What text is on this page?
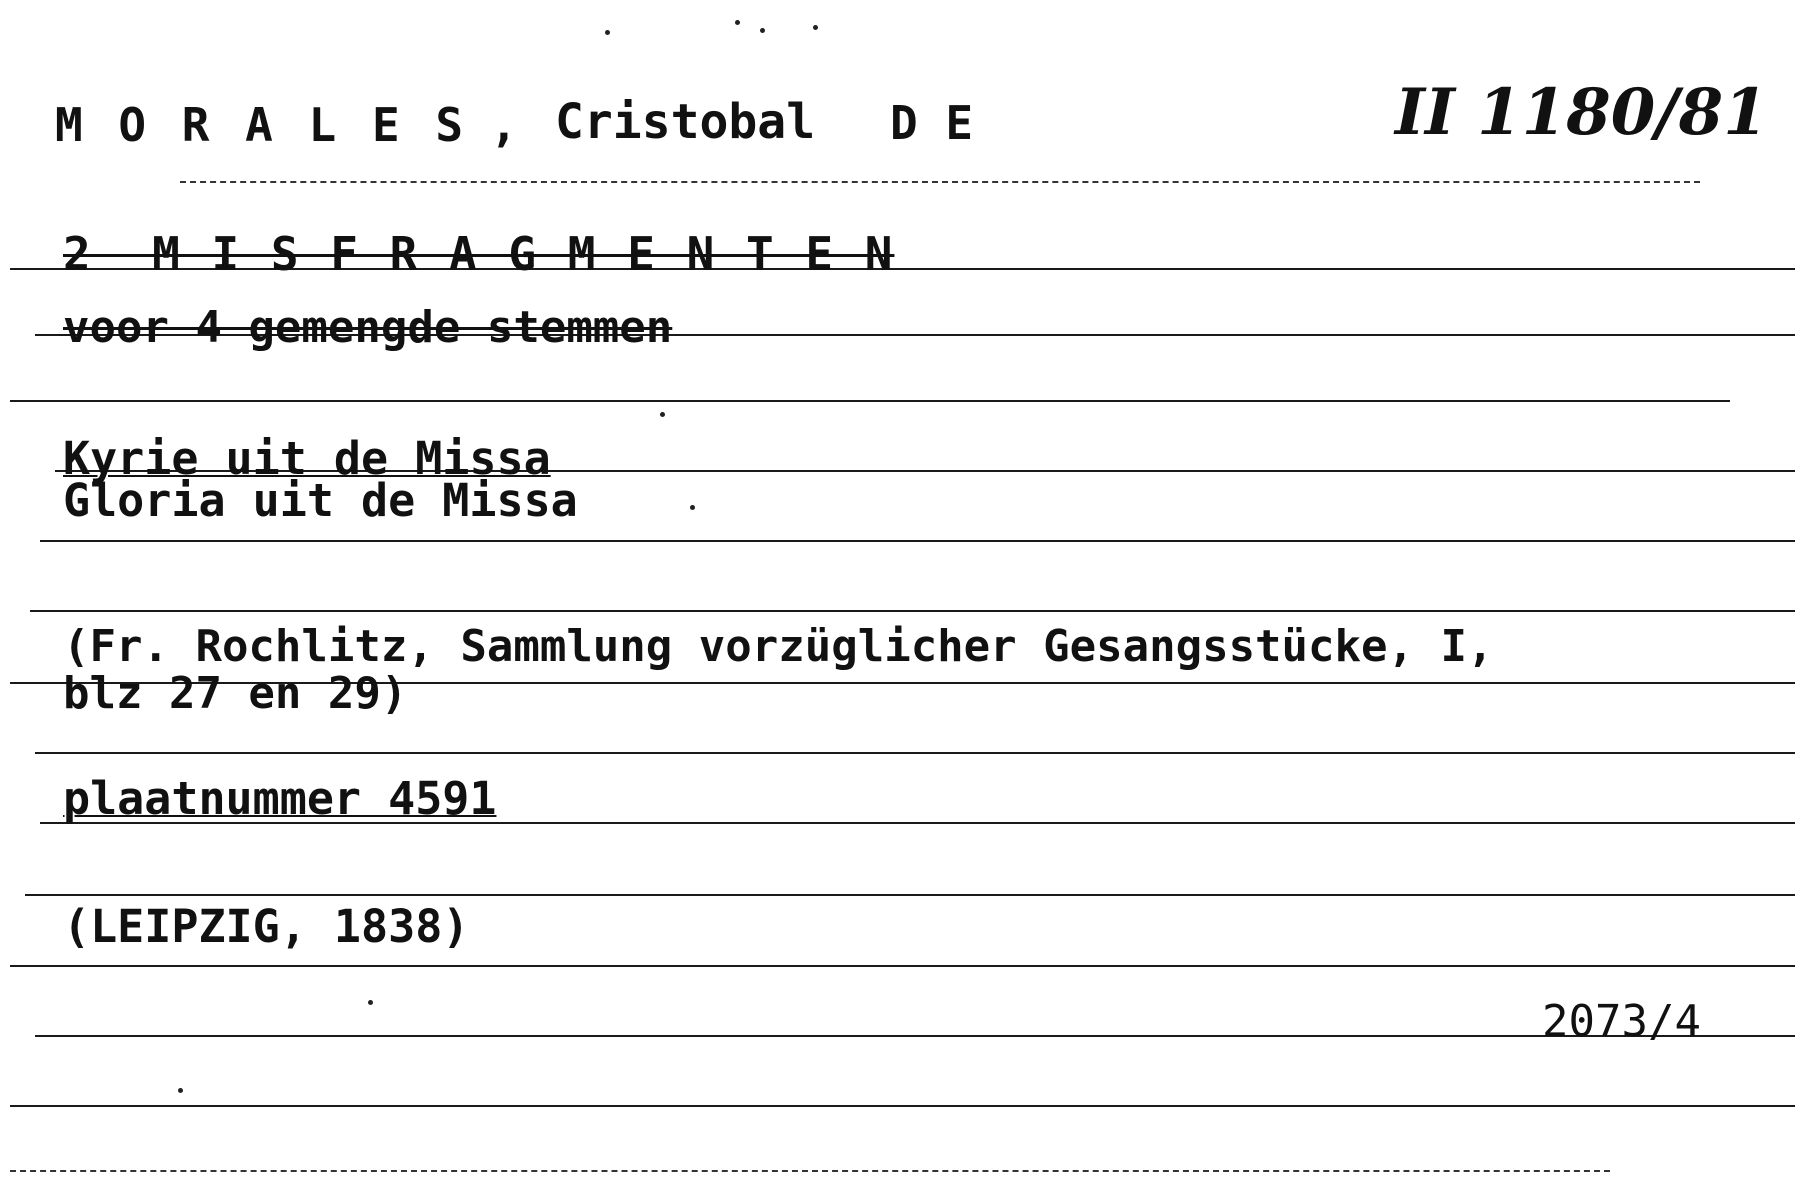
M O R A L E S , Cristobal D E	II 1180/81
2  M I S F R A G M E N T E N
voor 4 gemengde stemmen
Kyrie uit de Missa
Gloria uit de Missa
(Fr. Rochlitz, Sammlung vorzüglicher Gesangsstücke, I,
blz 27 en 29)
plaatnummer 4591
(LEIPZIG, 1838)
2073/4
